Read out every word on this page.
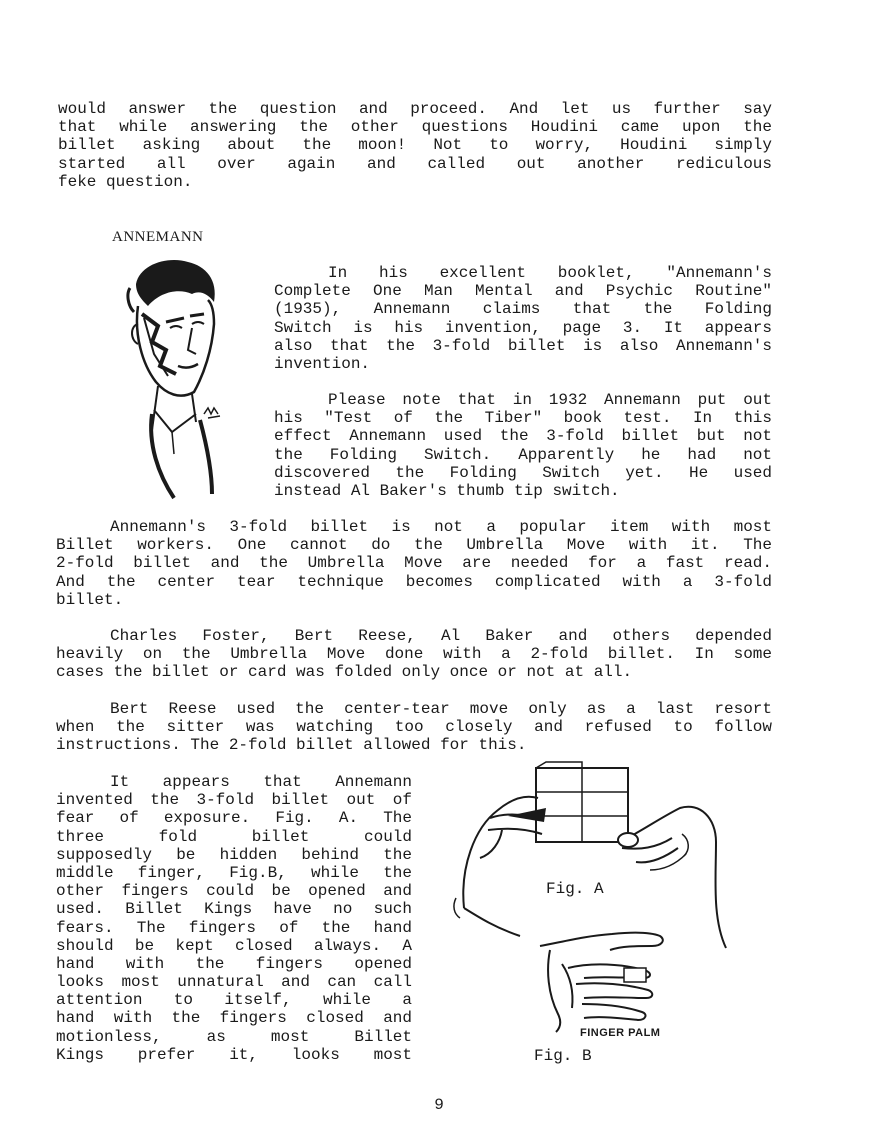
would answer the question and proceed. And let us further say
that while answering the other questions Houdini came upon the
billet asking about the moon! Not to worry, Houdini simply
started all over again and called out another rediculous
feke question.
ANNEMANN
In his excellent booklet, "Annemann's
Complete One Man Mental and Psychic Routine"
(1935), Annemann claims that the Folding
Switch is his invention, page 3. It appears
also that the 3-fold billet is also Annemann's
invention.
Please note that in 1932 Annemann put out
his "Test of the Tiber" book test. In this
effect Annemann used the 3-fold billet but not
the Folding Switch. Apparently he had not
discovered the Folding Switch yet. He used
instead Al Baker's thumb tip switch.
Annemann's 3-fold billet is not a popular item with most
Billet workers. One cannot do the Umbrella Move with it. The
2-fold billet and the Umbrella Move are needed for a fast read.
And the center tear technique becomes complicated with a 3-fold
billet.
Charles Foster, Bert Reese, Al Baker and others depended
heavily on the Umbrella Move done with a 2-fold billet. In some
cases the billet or card was folded only once or not at all.
Bert Reese used the center-tear move only as a last resort
when the sitter was watching too closely and refused to follow
instructions. The 2-fold billet allowed for this.
It appears that Annemann
invented the 3-fold billet out of
fear of exposure. Fig. A. The
three fold billet could
supposedly be hidden behind the
middle finger, Fig.B, while the
other fingers could be opened and
used. Billet Kings have no such
fears. The fingers of the hand
should be kept closed always. A
hand with the fingers opened
looks most unnatural and can call
attention to itself, while a
hand with the fingers closed and
motionless, as most Billet
Kings prefer it, looks most
Fig. A
FINGER PALM
Fig. B
9
